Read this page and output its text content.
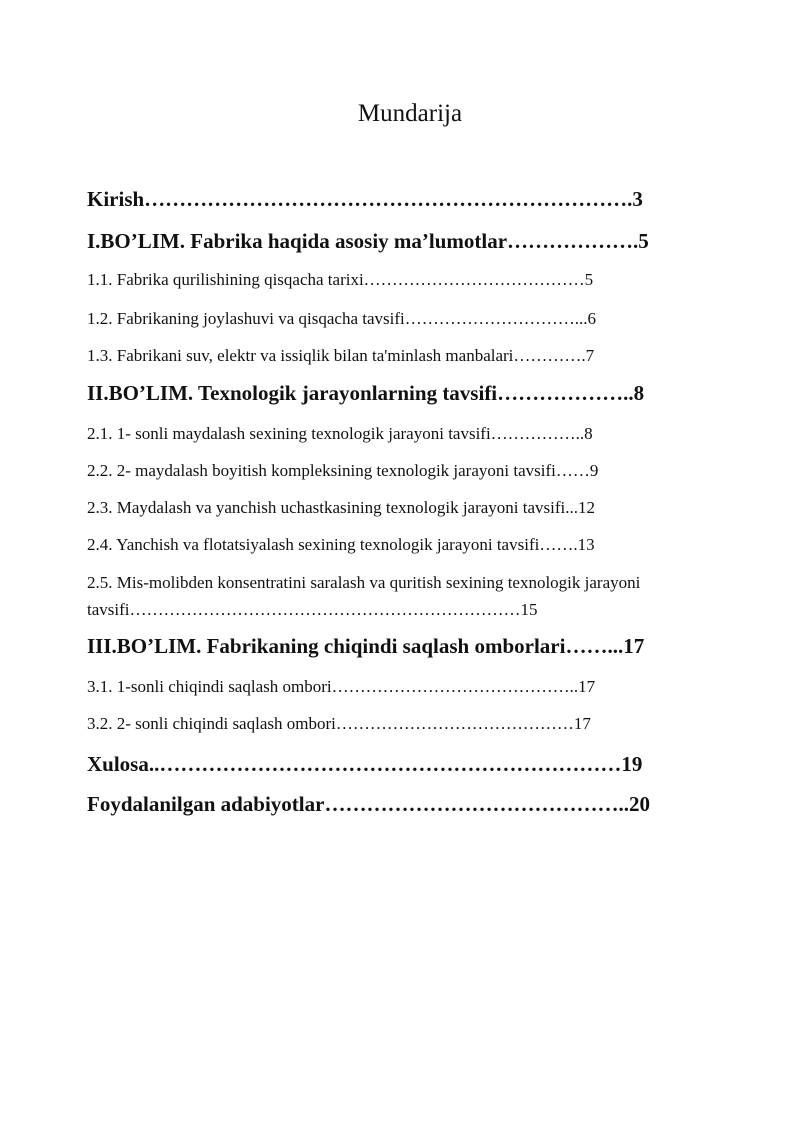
Mundarija
Kirish…………………………………………………………….3
I.BO’LIM. Fabrika haqida asosiy ma’lumotlar……………….5
1.1. Fabrika qurilishining qisqacha tarixi…………………………………5
1.2. Fabrikaning joylashuvi va qisqacha tavsifi…………………………...6
1.3. Fabrikani suv, elektr va issiqlik bilan ta'minlash manbalari………….7
II.BO’LIM. Texnologik jarayonlarning tavsifi………………..8
2.1. 1- sonli maydalash sexining texnologik jarayoni tavsifi……………..8
2.2. 2- maydalash boyitish kompleksining texnologik jarayoni tavsifi……9
2.3. Maydalash va yanchish uchastkasining texnologik jarayoni tavsifi...12
2.4. Yanchish va flotatsiyalash sexining texnologik jarayoni tavsifi…….13
2.5. Mis-molibden konsentratini saralash va quritish sexining texnologik jarayoni tavsifi……………………………………………………………15
III.BO’LIM. Fabrikaning chiqindi saqlash omborlari……...17
3.1. 1-sonli chiqindi saqlash ombori……………………………………..17
3.2. 2- sonli chiqindi saqlash ombori……………………………………17
Xulosa..…………………………………………………………19
Foydalanilgan adabiyotlar……………………………………..20
